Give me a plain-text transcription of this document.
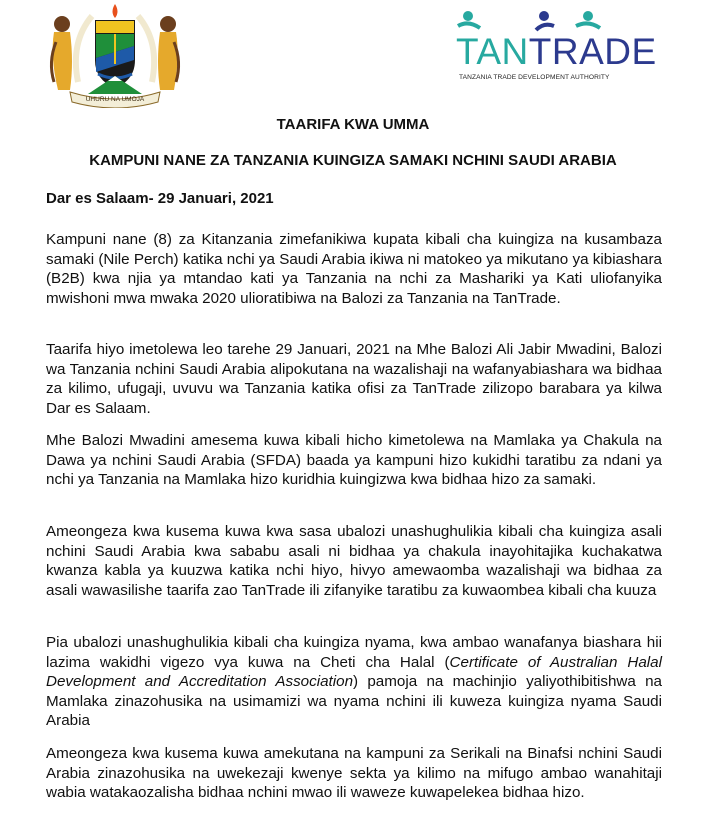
UHURU NA UMOJA
TANTRADE
TANZANIA TRADE DEVELOPMENT AUTHORITY
TAARIFA KWA UMMA
KAMPUNI NANE ZA TANZANIA KUINGIZA SAMAKI NCHINI SAUDI ARABIA
Dar es Salaam- 29 Januari, 2021

Kampuni nane (8) za Kitanzania zimefanikiwa kupata kibali cha kuingiza na kusambaza samaki (Nile Perch) katika nchi ya Saudi Arabia ikiwa ni matokeo ya mikutano ya kibiashara (B2B) kwa njia ya mtandao kati ya Tanzania na nchi za Mashariki ya Kati uliofanyika mwishoni mwa mwaka 2020 ulioratibiwa na Balozi za Tanzania na TanTrade.

Taarifa hiyo imetolewa leo tarehe 29 Januari, 2021 na Mhe Balozi Ali Jabir Mwadini, Balozi wa Tanzania nchini Saudi Arabia alipokutana na wazalishaji na wafanyabiashara wa bidhaa za kilimo, ufugaji, uvuvu wa Tanzania katika ofisi za TanTrade zilizopo barabara ya kilwa Dar es Salaam.

Mhe Balozi Mwadini amesema kuwa kibali hicho kimetolewa na Mamlaka ya Chakula na Dawa ya nchini Saudi Arabia (SFDA) baada ya kampuni hizo kukidhi taratibu za ndani ya nchi ya Tanzania na Mamlaka hizo kuridhia kuingizwa kwa bidhaa hizo za samaki.

Ameongeza kwa kusema kuwa kwa sasa ubalozi unashughulikia kibali cha kuingiza asali nchini Saudi Arabia kwa sababu asali ni bidhaa ya chakula inayohitajika kuchakatwa kwanza kabla ya kuuzwa katika nchi hiyo, hivyo amewaomba wazalishaji wa bidhaa za asali wawasilishe taarifa zao TanTrade ili zifanyike taratibu za kuwaombea kibali cha kuuza

Pia ubalozi unashughulikia kibali cha kuingiza nyama, kwa ambao wanafanya biashara hii lazima wakidhi vigezo vya kuwa na Cheti cha Halal (Certificate of Australian Halal Development and Accreditation Association) pamoja na machinjio yaliyothibitishwa na Mamlaka zinazohusika na usimamizi wa nyama nchini ili kuweza kuingiza nyama Saudi Arabia

Ameongeza kwa kusema kuwa amekutana na kampuni za Serikali na Binafsi nchini Saudi Arabia zinazohusika na uwekezaji kwenye sekta ya kilimo na mifugo ambao wanahitaji wabia watakaozalisha bidhaa nchini mwao ili waweze kuwapelekea bidhaa hizo.
